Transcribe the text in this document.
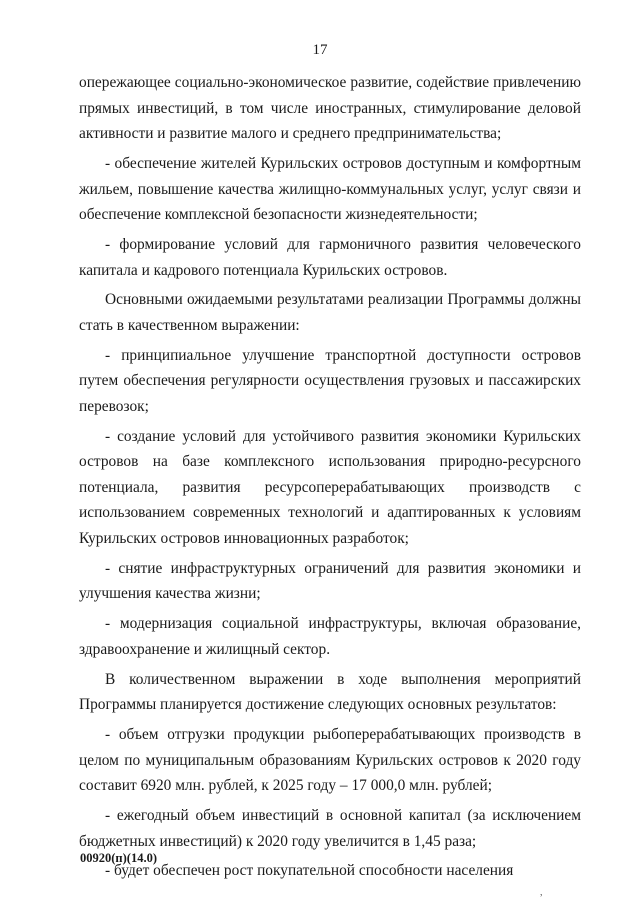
17

опережающее социально-экономическое развитие, содействие привлечению прямых инвестиций, в том числе иностранных, стимулирование деловой активности и развитие малого и среднего предпринимательства;

- обеспечение жителей Курильских островов доступным и комфортным жильем, повышение качества жилищно-коммунальных услуг, услуг связи и обеспечение комплексной безопасности жизнедеятельности;

- формирование условий для гармоничного развития человеческого капитала и кадрового потенциала Курильских островов.

Основными ожидаемыми результатами реализации Программы должны стать в качественном выражении:

- принципиальное улучшение транспортной доступности островов путем обеспечения регулярности осуществления грузовых и пассажирских перевозок;

- создание условий для устойчивого развития экономики Курильских островов на базе комплексного использования природно-ресурсного потенциала, развития ресурсоперерабатывающих производств с использованием современных технологий и адаптированных к условиям Курильских островов инновационных разработок;

- снятие инфраструктурных ограничений для развития экономики и улучшения качества жизни;

- модернизация социальной инфраструктуры, включая образование, здравоохранение и жилищный сектор.

В количественном выражении в ходе выполнения мероприятий Программы планируется достижение следующих основных результатов:

- объем отгрузки продукции рыбоперерабатывающих производств в целом по муниципальным образованиям Курильских островов к 2020 году составит 6920 млн. рублей, к 2025 году – 17 000,0 млн. рублей;

- ежегодный объем инвестиций в основной капитал (за исключением бюджетных инвестиций) к 2020 году увеличится в 1,45 раза;

- будет обеспечен рост покупательной способности населения

00920(п)(14.0)
,
